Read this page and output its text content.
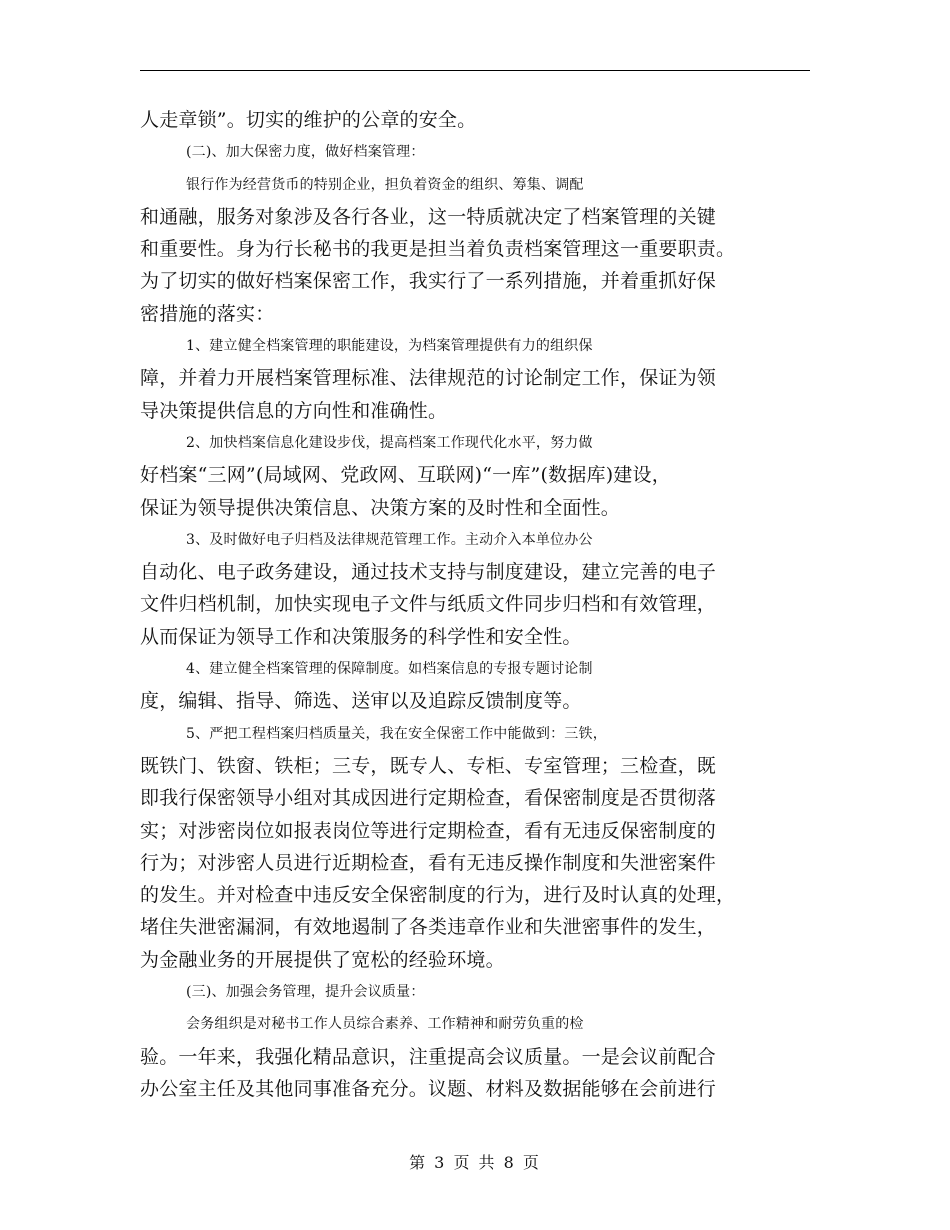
人走章锁”。切实的维护的公章的安全。
(二)、加大保密力度，做好档案管理：
银行作为经营货币的特别企业，担负着资金的组织、筹集、调配
和通融，服务对象涉及各行各业，这一特质就决定了档案管理的关键
和重要性。身为行长秘书的我更是担当着负责档案管理这一重要职责。
为了切实的做好档案保密工作，我实行了一系列措施，并着重抓好保
密措施的落实：
1、建立健全档案管理的职能建设，为档案管理提供有力的组织保
障，并着力开展档案管理标准、法律规范的讨论制定工作，保证为领
导决策提供信息的方向性和准确性。
2、加快档案信息化建设步伐，提高档案工作现代化水平，努力做
好档案“三网”(局域网、党政网、互联网)“一库”(数据库)建设，
保证为领导提供决策信息、决策方案的及时性和全面性。
3、及时做好电子归档及法律规范管理工作。主动介入本单位办公
自动化、电子政务建设，通过技术支持与制度建设，建立完善的电子
文件归档机制，加快实现电子文件与纸质文件同步归档和有效管理，
从而保证为领导工作和决策服务的科学性和安全性。
4、建立健全档案管理的保障制度。如档案信息的专报专题讨论制
度，编辑、指导、筛选、送审以及追踪反馈制度等。
5、严把工程档案归档质量关，我在安全保密工作中能做到：三铁，
既铁门、铁窗、铁柜；三专，既专人、专柜、专室管理；三检查，既
即我行保密领导小组对其成因进行定期检查，看保密制度是否贯彻落
实；对涉密岗位如报表岗位等进行定期检查，看有无违反保密制度的
行为；对涉密人员进行近期检查，看有无违反操作制度和失泄密案件
的发生。并对检查中违反安全保密制度的行为，进行及时认真的处理，
堵住失泄密漏洞，有效地遏制了各类违章作业和失泄密事件的发生，
为金融业务的开展提供了宽松的经验环境。
(三)、加强会务管理，提升会议质量：
会务组织是对秘书工作人员综合素养、工作精神和耐劳负重的检
验。一年来，我强化精品意识，注重提高会议质量。一是会议前配合
办公室主任及其他同事准备充分。议题、材料及数据能够在会前进行
第 3 页 共 8 页
